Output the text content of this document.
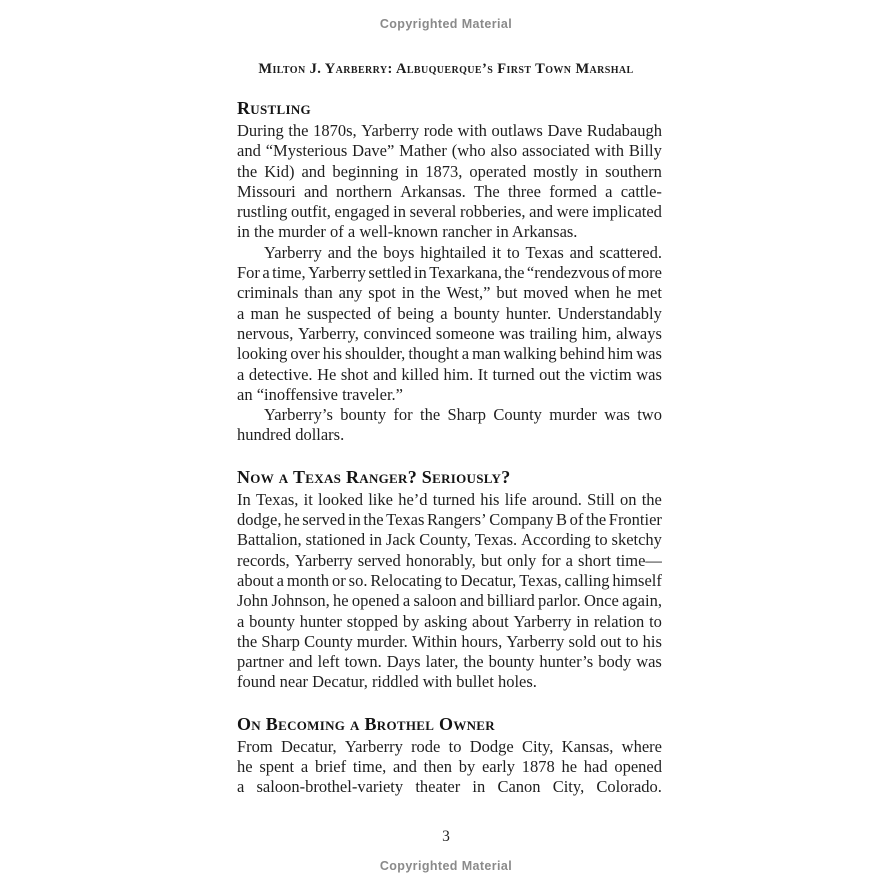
Copyrighted Material
Milton J. Yarberry: Albuquerque’s First Town Marshal
Rustling
During the 1870s, Yarberry rode with outlaws Dave Rudabaugh
and “Mysterious Dave” Mather (who also associated with Billy
the Kid) and beginning in 1873, operated mostly in southern
Missouri and northern Arkansas. The three formed a cattle-
rustling outfit, engaged in several robberies, and were implicated
in the murder of a well-known rancher in Arkansas.
Yarberry and the boys hightailed it to Texas and scattered.
For a time, Yarberry settled in Texarkana, the “rendezvous of more
criminals than any spot in the West,” but moved when he met
a man he suspected of being a bounty hunter. Understandably
nervous, Yarberry, convinced someone was trailing him, always
looking over his shoulder, thought a man walking behind him was
a detective. He shot and killed him. It turned out the victim was
an “inoffensive traveler.”
Yarberry’s bounty for the Sharp County murder was two
hundred dollars.
Now a Texas Ranger? Seriously?
In Texas, it looked like he’d turned his life around. Still on the
dodge, he served in the Texas Rangers’ Company B of the Frontier
Battalion, stationed in Jack County, Texas. According to sketchy
records, Yarberry served honorably, but only for a short time—
about a month or so. Relocating to Decatur, Texas, calling himself
John Johnson, he opened a saloon and billiard parlor. Once again,
a bounty hunter stopped by asking about Yarberry in relation to
the Sharp County murder. Within hours, Yarberry sold out to his
partner and left town. Days later, the bounty hunter’s body was
found near Decatur, riddled with bullet holes.
On Becoming a Brothel Owner
From Decatur, Yarberry rode to Dodge City, Kansas, where
he spent a brief time, and then by early 1878 he had opened
a saloon-brothel-variety theater in Canon City, Colorado.
3
Copyrighted Material
